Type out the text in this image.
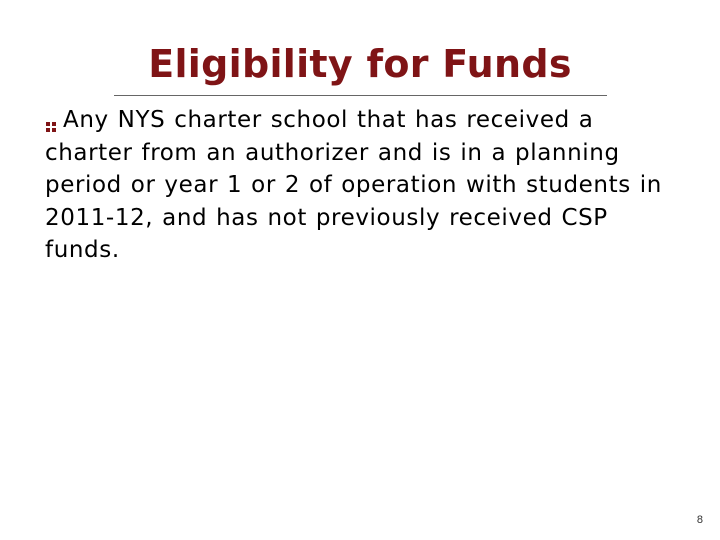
Eligibility for Funds
Any NYS charter school that has received a charter from an authorizer and is in a planning period or year 1 or 2 of operation with students in 2011-12, and has not previously received CSP funds.
8
